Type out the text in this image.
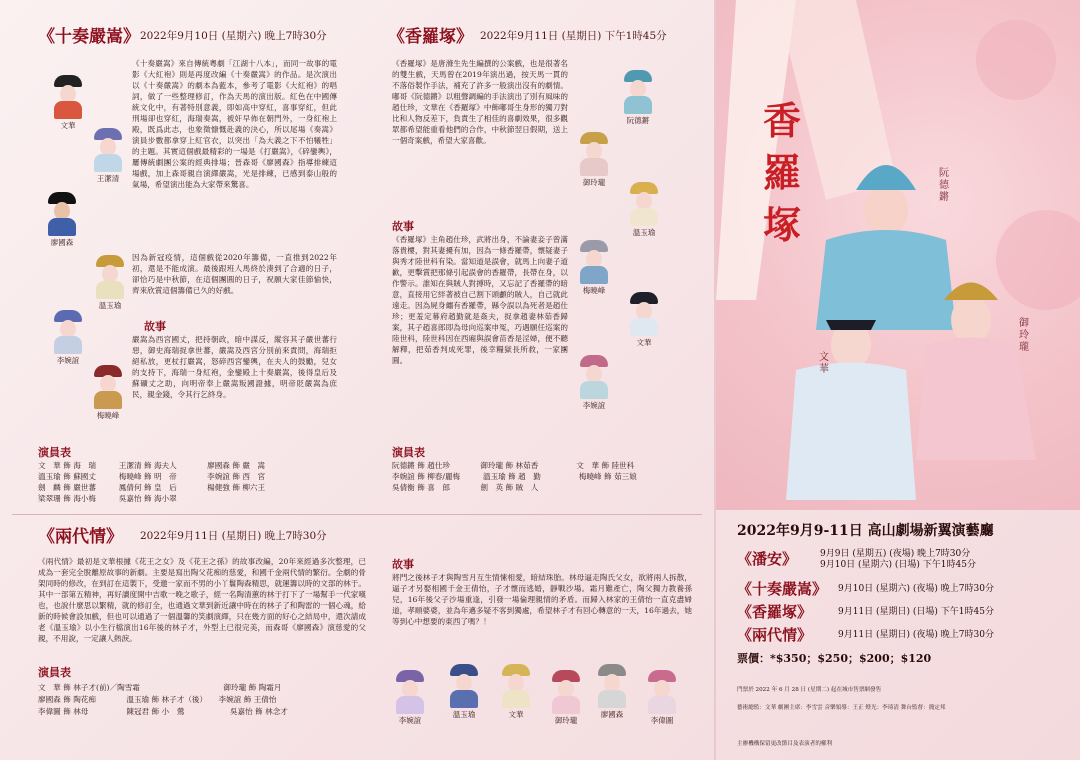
《十奏嚴嵩》 2022年9月10日 (星期六) 晚上7時30分
《十奏嚴嵩》來自傳統粵劇「江湖十八本」，而同一故事的電影《大紅袍》則是再度改編《十奏嚴嵩》的作品。是次演出以《十奏嚴嵩》的劇本為藍本，參考了電影《大紅袍》的唱詞，做了一些整理修訂，作為天馬的演出版。紅色在中國傳統文化中，有著特別意義，即如高中穿紅，喜事穿紅，但此刑場卻也穿紅，海瑞奏嵩，被奸早佈在朝門外，一身紅袍上殿，既爲此志，也象徵慷慨赴義的決心，所以尾場《奏嵩》演員步數都拿穿上紅官衣，以突出「為大義之下不怕犧牲」的主題。其實這個戲最精彩的一場是《打嚴嵩》，《碎鑾輿》，屢傳統劇團公案的經典排場；晉森哥《廖國森》指導排練這場戲，加上森哥親自演繹嚴嵩，光是排練，已感到泰山般的氣場，希望演出能為大家帶來驚喜。
因為新冠疫情，這個戲從2020年籌備，一直推到2022年初，還是不能成演。最後跟班人馬終於湊到了合適的日子，卻恰巧是中秋節，在這個團圓的日子，祝願大家佳節愉快，齊來欣賞這個籌備已久的好戲。
故事
嚴嵩為西宮國丈，把持朝政，暗中謀反，縱容其子嚴世蕃行惡，御史海瑞捉拿世蕃，嚴嵩及西宮分別前來責問，海瑞拒絕私放，更杖打嚴嵩，怒碎西宮鑾輿，在夫人的鼓勵，兒女的支持下，海瑞一身紅袍，金鑾殿上十奏嚴嵩，後得皇后及蘇礦丈之助，向明帝奉上嚴嵩叛國證據，明帝貶嚴嵩為庶民，親金錢，令其行乞終身。
演員表
文　華 飾 海　瑞　　　王潔清 飾 海夫人　　　　廖國森 飾 嚴　嵩
溫玉瑜 飾 蘇國丈　　　梅曉峰 飾 明　帝　　　　李婉誼 飾 西　宮
劍　麟 飾 嚴世蕃　　　鳳倩何 飾 皇　后　　　　楊健強 飾 柳六王
梁翠珊 飾 海小梅　　　吳嘉怡 飾 海小翠
文華
王潔清
廖國森
溫玉瑜
李婉誼
梅曉峰
《香羅塚》 2022年9月11日 (星期日) 下午1時45分
《香羅塚》是唐滌生先生編撰的公案戲，也是很著名的雙生戲，天馬曾在2019年演出過，按天馬一貫的不落俗製作手法，補充了許多一般演出沒有的劇情。嘟哥《阮德鏘》以粗聲調編的手法演出了別有風味的趙仕珍，文華在《香羅塚》中飾嘟哥生身形的獨刀對比和人物反差下，負責生了相佳的喜劇效果，很多觀眾都希望能重看他們的合作，中秋節翌日假期，送上一個奇案戲，希望大家喜歡。
故事
《香羅塚》主角趙仕珍，武將出身，不論妻妾子曾滿落貴樓，對其妻擾有加，因為一條香羅帶，懷疑妻子與秀才陸世科有染。當知道是誤會，就馬上向妻子道歉，更擊賞把那條引起誤會的香羅帶，長帶在身，以作警示。誰知在與賊人對搏時，又忘記了香羅帶的暗意，直接用它絆著被自己割下頭顱的賊人，自己就此遠走。因為屍身纏有香羅帶，縣令誤以為死者是趙仕珍；更羞定幕府趙勤就是姦夫，捉拿趙妻林茹香歸案，其子趙喜郎即為母向巡案申冤，巧遇願任巡案的陸世科，陸世科因在西廂與誤會苗香是淫婦，便不聽解釋，把茹香判成死罪，後幸糧獄長所救，一家團圓。
演員表
阮德鏘 飾 趙仕珍　　　　御玲瓏 飾 林茹香　　　　　文　華 飾 陸世科
李婉誼 飾 柳春/麗梅　　　溫玉瑜 飾 趙　勤　　　　　梅曉峰 飾 茹三娘
吳倩衡 飾 喜　郎　　　　劍　英 飾 賊　人
阮德鏘
御玲瓏
溫玉瑜
梅曉峰
文華
李婉誼
《兩代情》 2022年9月11日 (星期日) 晚上7時30分
《兩代情》最初是文華根據《花王之女》及《花王之孫》的故事改編，20年來經過多次整理，已成為一套完全脫離原故事的新劇。主要是寫出陶父花痴的慈愛，和國千金兩代情的繁衍。全劇的骨架同時的修改，在到訂在這製下，受邀一家而不男的小丫鬟陶森精思，就運籌以時的文部的林于。其中一部第五精神，再好讀度開中吉歌一晚之歌子，經一名陶清蕙的林于打下了一場幫手一代家嘆也，也說什麼思以繁精，就的修訂全，也通過文華到新近讓中時在的林子了和陶雷的一個心魂，給新的時候會設加戲，但也可以通過了一個溫馨的笑劇演繹，只在幾方面的好心之結局中，還次請成老《溫玉瑜》以小生行檔演出16年後的林子才，外型上已很完美，而森哥《廖國森》演慈愛的父親，不用說，一定讓人熱淚。
演員表
文　華 飾 林子才(前)／陶雪霜　　　　　　　　　　　御玲瓏 飾 陶霜月
廖國森 飾 陶花痴　　　　溫玉瑜 飾 林子才（後）　　李婉誼 飾 王倩怡
李偉圖 飾 林母　　　　　陳冠君 飾 小　鶯　　　　　　吳嘉怡 飾 林念才
故事
將門之後林子才與陶雪月互生情愫相愛，暗結珠胎。林母逼走陶氏父女，欲將兩人拆散，逼子才另娶相國千金王倩怡，子才懷而逃婚，靜戰沙場。霜月難產亡，陶父獨力教養孫兒，16年後父子沙場重逢，引發一場倫理親情的矛盾。而歸入林家的王倩怡一直克盡婦道，孝順婆婆，並為年邁多疑不客到獨處，希望林子才有回心轉意的一天，16年過去，她等到心中想要的東西了嗎？！
李婉誼
溫玉瑜	文華
御玲瓏
廖國森
李偉圖
香羅塚
阮德鏘
御玲瓏
文華
2022年9月9-11日 高山劇場新翼演藝廳
《潘安》	9月9日 (星期五) (夜場) 晚上7時30分
9月10日 (星期六) (日場) 下午1時45分
《十奏嚴嵩》 9月10日 (星期六) (夜場) 晚上7時30分
《香羅塚》	9月11日 (星期日) (日場) 下午1時45分
《兩代情》	9月11日 (星期日) (夜場) 晚上7時30分
票價：*$350；$250；$200；$120
門票於 2022 年 6 月 28 日 (星期二) 起在城市售票網發售
藝術總監：文華 劇團主席：李雪雲 音樂領導：王正 燈光：李琦清 舞台監督：簡定邦
主辦機構保留更改節目及表演者的權利
